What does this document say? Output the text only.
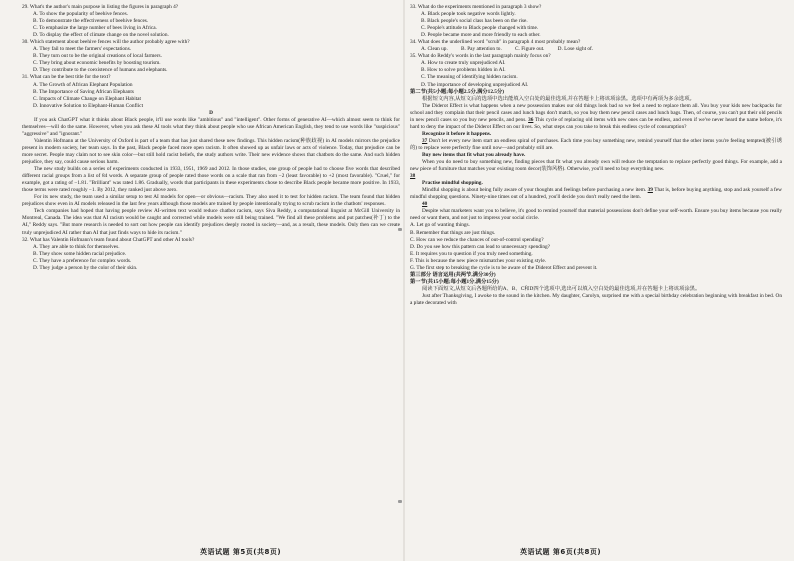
29. What's the author's main purpose in listing the figures in paragraph 4?

A. To show the popularity of beehive fences.

B. To demonstrate the effectiveness of beehive fences.

C. To emphasize the large number of bees living in Africa.

D. To display the effect of climate change on the novel solution.

30. Which statement about beehive fences will the author probably agree with?

A. They fail to meet the farmers' expectations.

B. They turn out to be the original creations of local farmers.

C. They bring about economic benefits by boosting tourism.

D. They contribute to the coexistence of humans and elephants.

31. What can be the best title for the text?

A. The Growth of African Elephant Population

B. The Importance of Saving African Elephants

C. Impacts of Climate Change on Elephant Habitat

D. Innovative Solution to Elephant-Human Conflict

D

If you ask ChatGPT what it thinks about Black people, it'll use words like "ambitious" and "intelligent". Other forms of generative AI—which almost seem to think for themselves—will do the same. However, when you ask these AI tools what they think about people who use African American English, they tend to use words like "suspicious" "aggressive" and "ignorant."

Valentin Hofmann at the University of Oxford is part of a team that has just shared these new findings. This hidden racism(种族歧视) in AI models mirrors the prejudice present in modern society, her team says. In the past, Black people faced more open racism. It often showed up as unfair laws or acts of violence. Today, that prejudice can be more secret. People may claim not to see skin color—but still hold racist beliefs, the study authors write. Their new evidence shows that chatbots do the same. And such hidden prejudice, they say, could cause serious harm.

The new study builds on a series of experiments conducted in 1933, 1951, 1969 and 2012. In those studies, one group of people had to choose five words that described different racial groups from a list of 84 words. A separate group of people rated those words on a scale that ran from −2 (least favorable) to +2 (most favorable). "Cruel," for example, got a rating of −1.81. "Brilliant" was rated 1.86. Gradually, words that participants in these experiments chose to describe Black people became more positive. In 1933, those terms were rated roughly −1. By 2012, they ranked just above zero.

For its new study, the team used a similar setup to test AI models for open—or obvious—racism. They also used it to test for hidden racism. The team found that hidden prejudices show even in AI models released in the last few years although those models are trained by people intentionally trying to scrub racism in the chatbots' responses.

Tech companies had hoped that having people review AI-written text would reduce chatbot racism, says Siva Reddy, a computational linguist at McGill University in Montreal, Canada. The idea was that AI racism would be caught and corrected while models were still being trained. "We find all these problems and put patches(补丁) to the AI," Reddy says. "But more research is needed to sort out how people can identify prejudices deeply rooted in society—and, as a result, these models. Only then can we create truly unprejudiced AI rather than AI that just finds ways to hide its racism."

32. What has Valentin Hofmann's team found about ChatGPT and other AI tools?

A. They are able to think for themselves.

B. They show some hidden racial prejudice.

C. They have a preference for complex words.

D. They judge a person by the color of their skin.

英语试题 第5页(共8页)

33. What do the experiments mentioned in paragraph 3 show?

A. Black people took negative words lightly.

B. Black people's social class has been on the rise.

C. People's attitude to Black people changed with time.

D. People became more and more friendly to each other.

34. What does the underlined word "scrub" in paragraph 4 most probably mean?

A. Clean up.          B. Pay attention to.          C. Figure out.          D. Lose sight of.

35. What do Reddy's words in the last paragraph mainly focus on?

A. How to create truly unprejudiced AI.

B. How to solve problems hidden in AI.

C. The meaning of identifying hidden racism.

D. The importance of developing unprejudiced AI.

第二节(共5小题;每小题2.5分,满分12.5分)

根据短文内容,从短文后的选项中选出能填入空白处的最佳选项,并在答题卡上将该项涂黑。选项中有两项为多余选项。

The Diderot Effect is what happens when a new possession makes our old things look bad so we feel a need to replace them all. You buy your kids new backpacks for school and they complain that their pencil cases and lunch bags don't match, so you buy them new pencil cases and lunch bags. Then, of course, you can't put their old pencils in new pencil cases so you buy new pencils, and pens. 36 This cycle of replacing old items with new ones can be endless, and even if we've never heard the name before, it's hard to deny the impact of the Diderot Effect on our lives. So, what steps can you take to break this endless cycle of consumption?

Recognize it before it happens.

37 Don't let every new item start an endless spiral of purchases. Each time you buy something new, remind yourself that the other items you're feeling tempted(被引诱的) to replace were perfectly fine until now—and probably still are.

Buy new items that fit what you already have.

When you do need to buy something new, finding pieces that fit what you already own will reduce the temptation to replace perfectly good things. For example, add a new piece of furniture that matches your existing room decor(装饰风格). Otherwise, you'll need to buy everything new.

38

Practise mindful shopping.

Mindful shopping is about being fully aware of your thoughts and feelings before purchasing a new item. 39 That is, before buying anything, stop and ask yourself a few mindful shopping questions. Ninety-nine times out of a hundred, you'll decide you don't really need the item.

40

Despite what marketers want you to believe, it's good to remind yourself that material possessions don't define your self-worth. Ensure you buy items because you really need or want them, and not just to impress your social circle.

A. Let go of wanting things.

B. Remember that things are just things.

C. How can we reduce the chances of out-of-control spending?

D. Do you see how this pattern can lead to unnecessary spending?

E. It requires you to question if you truly need something.

F. This is because the new piece mismatches your existing style.

G. The first step to breaking the cycle is to be aware of the Diderot Effect and prevent it.

第三部分 语言运用(共两节,满分30分)

第一节(共15小题;每小题1分,满分15分)

阅读下面短文,从短文后各题所给的A、B、C和D四个选项中,选出可以填入空白处的最佳选项,并在答题卡上将该项涂黑。

Just after Thanksgiving, I awoke to the sound in the kitchen. My daughter, Carolyn, surprised me with a special birthday celebration beginning with breakfast in bed. On a plate decorated with

英语试题 第6页(共8页)
